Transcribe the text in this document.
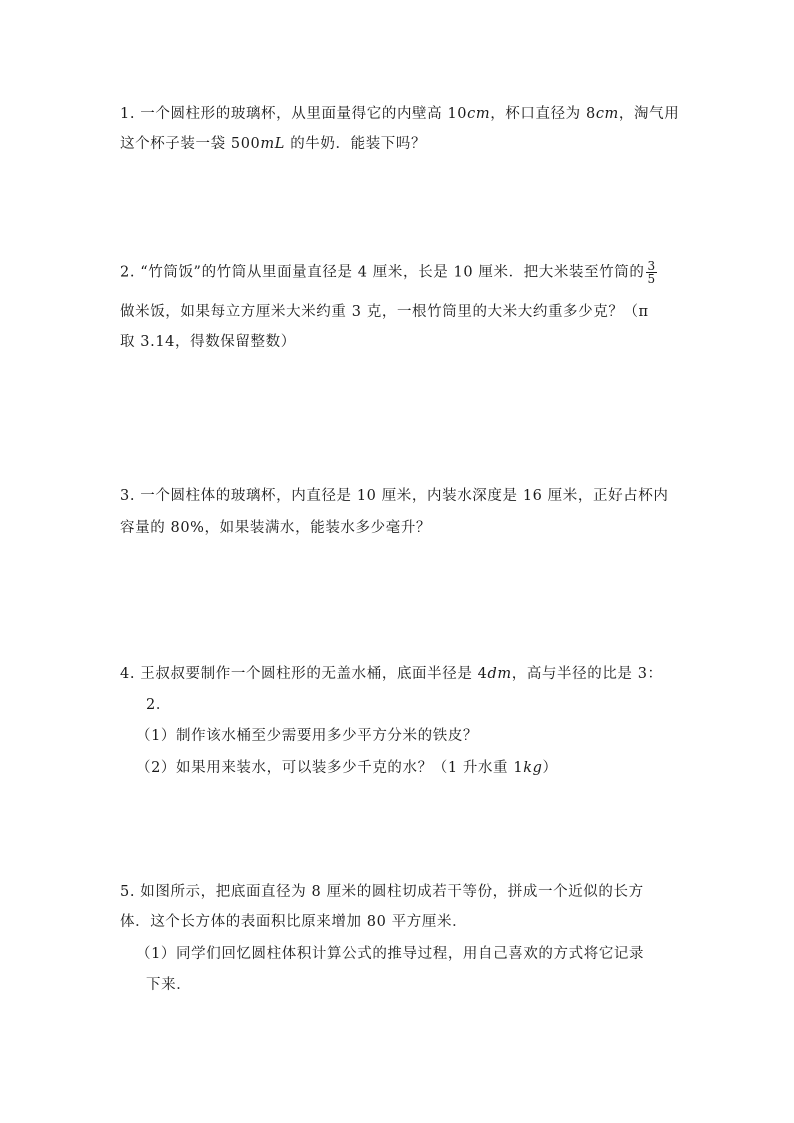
1. 一个圆柱形的玻璃杯，从里面量得它的内壁高 10cm，杯口直径为 8cm，淘气用
这个杯子装一袋 500mL 的牛奶．能装下吗？
2. “竹筒饭”的竹筒从里面量直径是 4 厘米，长是 10 厘米．把大米装至竹筒的 $\frac{3}{5}$
做米饭，如果每立方厘米大米约重 3 克，一根竹筒里的大米大约重多少克？（π
取 3.14，得数保留整数）
3. 一个圆柱体的玻璃杯，内直径是 10 厘米，内装水深度是 16 厘米，正好占杯内
容量的 80%，如果装满水，能装水多少毫升？
4. 王叔叔要制作一个圆柱形的无盖水桶，底面半径是 4dm，高与半径的比是 3：
2．
（1）制作该水桶至少需要用多少平方分米的铁皮？
（2）如果用来装水，可以装多少千克的水？（1 升水重 1kg）
5. 如图所示，把底面直径为 8 厘米的圆柱切成若干等份，拼成一个近似的长方
体．这个长方体的表面积比原来增加 80 平方厘米．
（1）同学们回忆圆柱体积计算公式的推导过程，用自己喜欢的方式将它记录
下来．
